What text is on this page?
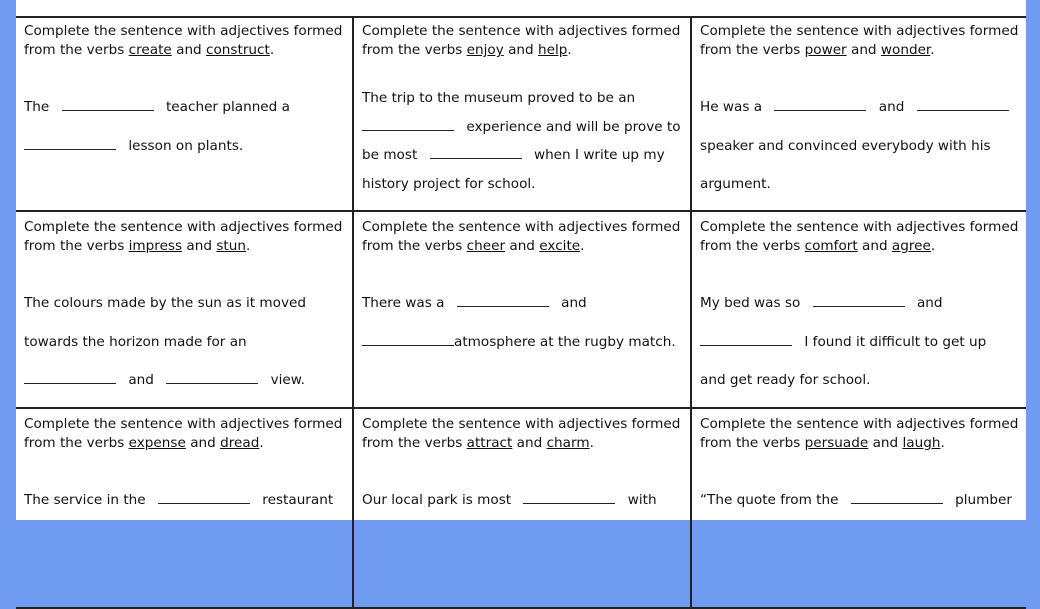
Complete the sentence with adjectives formed
from the verbs create and construct.

The	teacher planned a
lesson on plants.

Complete the sentence with adjectives formed
from the verbs enjoy and help.

The trip to the museum proved to be an
experience and will be prove to
be most	when I write up my
history project for school.

Complete the sentence with adjectives formed
from the verbs power and wonder.

He was a	and
speaker and convinced everybody with his
argument.

Complete the sentence with adjectives formed
from the verbs impress and stun.

The colours made by the sun as it moved
towards the horizon made for an
and	view.

Complete the sentence with adjectives formed
from the verbs cheer and excite.

There was a	and
atmosphere at the rugby match.

Complete the sentence with adjectives formed
from the verbs comfort and agree.

My bed was so	and
I found it difficult to get up
and get ready for school.

Complete the sentence with adjectives formed
from the verbs expense and dread.

The service in the	restaurant

Complete the sentence with adjectives formed
from the verbs attract and charm.

Our local park is most	with

Complete the sentence with adjectives formed
from the verbs persuade and laugh.

“The quote from the	plumber
